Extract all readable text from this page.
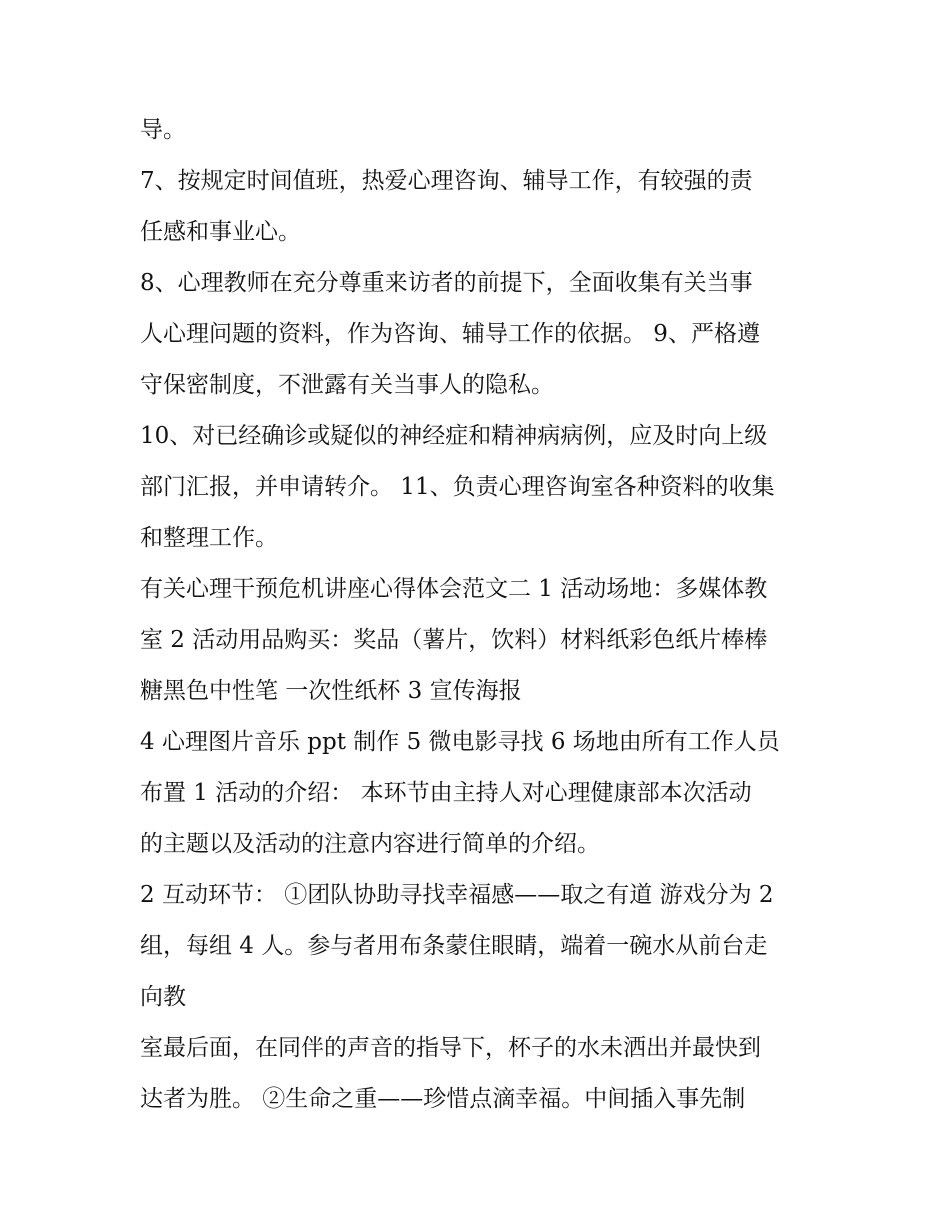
导。
7、按规定时间值班，热爱心理咨询、辅导工作，有较强的责
任感和事业心。
8、心理教师在充分尊重来访者的前提下，全面收集有关当事
人心理问题的资料，作为咨询、辅导工作的依据。 9、严格遵
守保密制度，不泄露有关当事人的隐私。
10、对已经确诊或疑似的神经症和精神病病例，应及时向上级
部门汇报，并申请转介。 11、负责心理咨询室各种资料的收集
和整理工作。
有关心理干预危机讲座心得体会范文二 1 活动场地：多媒体教
室 2 活动用品购买：奖品（薯片，饮料）材料纸彩色纸片棒棒
糖黑色中性笔 一次性纸杯 3 宣传海报
4 心理图片音乐 ppt 制作 5 微电影寻找 6 场地由所有工作人员
布置 1 活动的介绍： 本环节由主持人对心理健康部本次活动
的主题以及活动的注意内容进行简单的介绍。
2 互动环节： ①团队协助寻找幸福感——取之有道 游戏分为 2
组，每组 4 人。参与者用布条蒙住眼睛，端着一碗水从前台走
向教
室最后面，在同伴的声音的指导下，杯子的水未洒出并最快到
达者为胜。 ②生命之重——珍惜点滴幸福。中间插入事先制
